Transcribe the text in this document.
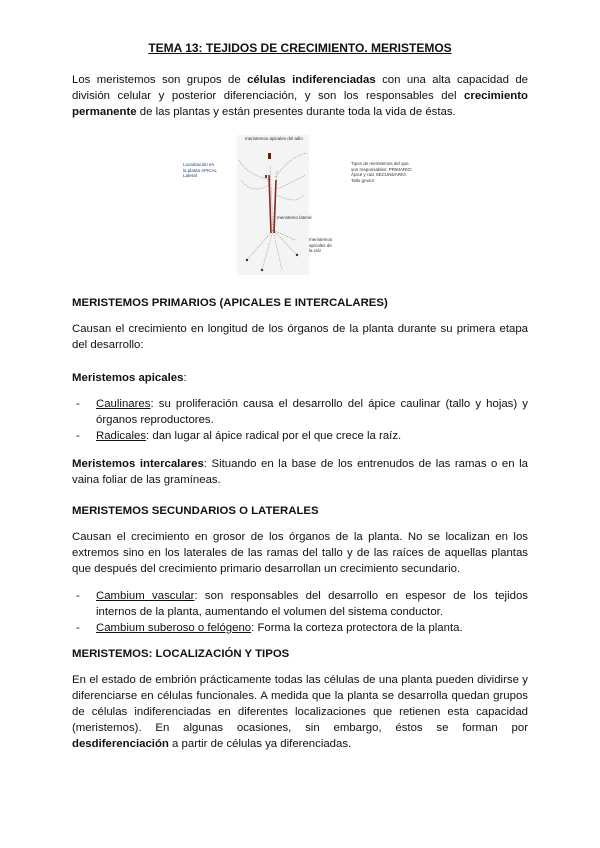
TEMA 13: TEJIDOS DE CRECIMIENTO. MERISTEMOS
Los meristemos son grupos de células indiferenciadas con una alta capacidad de división celular y posterior diferenciación, y son los responsables del crecimiento permanente de las plantas y están presentes durante toda la vida de éstas.
meristemos apicales del tallo
meristemo lateral
meristemos apicales de la raíz
Localización en la planta APICAL Lateral
Tipos de meristemos del que son responsables: PRIMARIO: Ápice y raíz SECUNDARIO: Tallo grosor
MERISTEMOS PRIMARIOS (APICALES E INTERCALARES)
Causan el crecimiento en longitud de los órganos de la planta durante su primera etapa del desarrollo:
Meristemos apicales:
- Caulinares: su proliferación causa el desarrollo del ápice caulinar (tallo y hojas) y órganos reproductores.
- Radicales: dan lugar al ápice radical por el que crece la raíz.
Meristemos intercalares: Situando en la base de los entrenudos de las ramas o en la vaina foliar de las gramíneas.
MERISTEMOS SECUNDARIOS O LATERALES
Causan el crecimiento en grosor de los órganos de la planta. No se localizan en los extremos sino en los laterales de las ramas del tallo y de las raíces de aquellas plantas que después del crecimiento primario desarrollan un crecimiento secundario.
- Cambium vascular: son responsables del desarrollo en espesor de los tejidos internos de la planta, aumentando el volumen del sistema conductor.
- Cambium suberoso o felógeno: Forma la corteza protectora de la planta.
MERISTEMOS: LOCALIZACIÓN Y TIPOS
En el estado de embrión prácticamente todas las células de una planta pueden dividirse y diferenciarse en células funcionales. A medida que la planta se desarrolla quedan grupos de células indiferenciadas en diferentes localizaciones que retienen esta capacidad (meristemos). En algunas ocasiones, sin embargo, éstos se forman por desdiferenciación a partir de células ya diferenciadas.
